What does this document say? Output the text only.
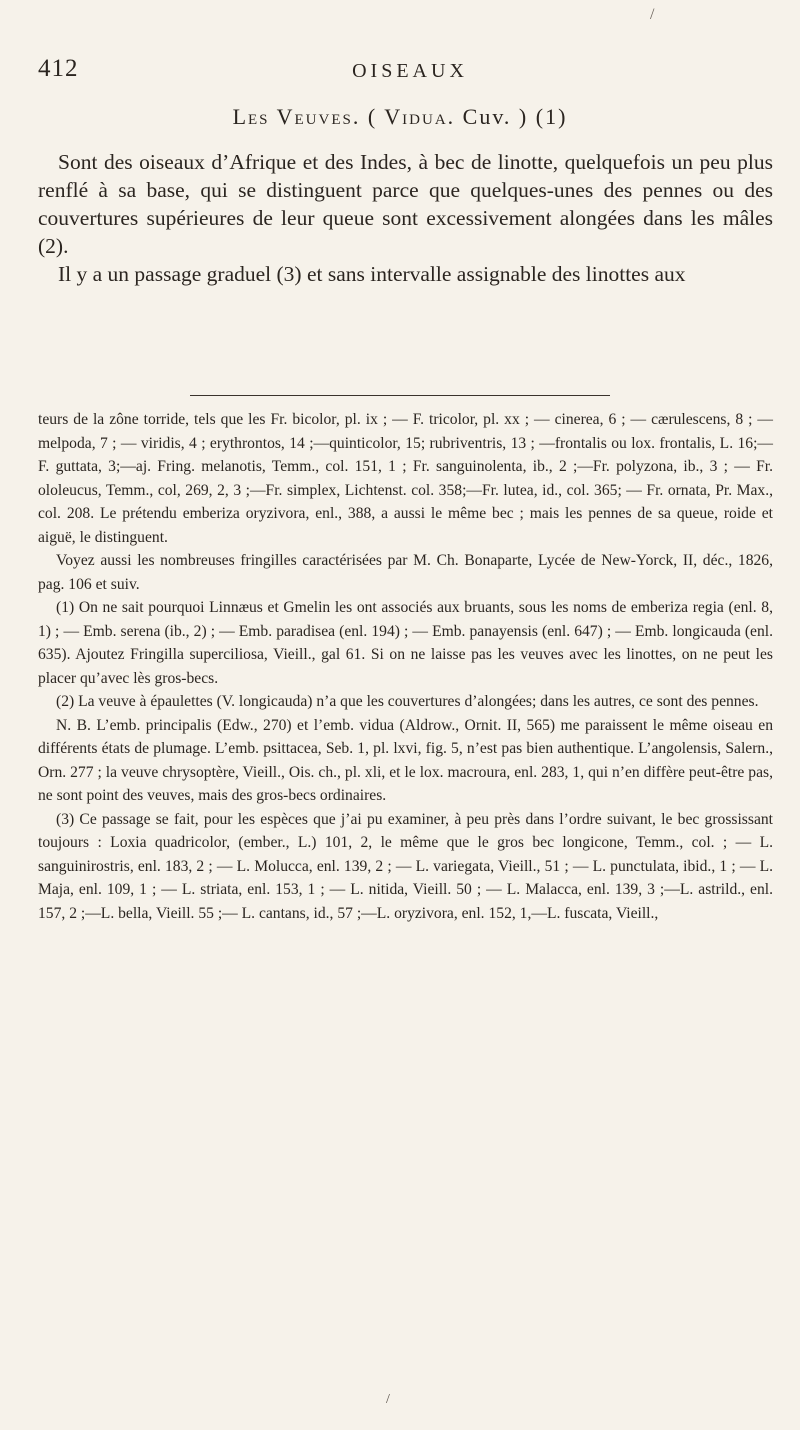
/
412	OISEAUX
Les Veuves. ( Vidua. Cuv. ) (1)

Sont des oiseaux d’Afrique et des Indes, à bec de linotte, quelquefois un peu plus renflé à sa base, qui se distinguent parce que quelques-unes des pennes ou des couvertures supérieures de leur queue sont excessivement alongées dans les mâles (2).

Il y a un passage graduel (3) et sans intervalle assignable des linottes aux

teurs de la zône torride, tels que les Fr. bicolor, pl. ix ; — F. tricolor, pl. xx ; — cinerea, 6 ; — cærulescens, 8 ; — melpoda, 7 ; — viridis, 4 ; erythrontos, 14 ;—quinticolor, 15; rubriventris, 13 ; —frontalis ou lox. frontalis, L. 16;—F. guttata, 3;—aj. Fring. melanotis, Temm., col. 151, 1 ; Fr. sanguinolenta, ib., 2 ;—Fr. polyzona, ib., 3 ; — Fr. ololeucus, Temm., col, 269, 2, 3 ;—Fr. simplex, Lichtenst. col. 358;—Fr. lutea, id., col. 365; — Fr. ornata, Pr. Max., col. 208. Le prétendu emberiza oryzivora, enl., 388, a aussi le même bec ; mais les pennes de sa queue, roide et aiguë, le distinguent.

Voyez aussi les nombreuses fringilles caractérisées par M. Ch. Bonaparte, Lycée de New-Yorck, II, déc., 1826, pag. 106 et suiv.

(1) On ne sait pourquoi Linnæus et Gmelin les ont associés aux bruants, sous les noms de emberiza regia (enl. 8, 1) ; — Emb. serena (ib., 2) ; — Emb. paradisea (enl. 194) ; — Emb. panayensis (enl. 647) ; — Emb. longicauda (enl. 635). Ajoutez Fringilla superciliosa, Vieill., gal 61. Si on ne laisse pas les veuves avec les linottes, on ne peut les placer qu’avec lès gros-becs.

(2) La veuve à épaulettes (V. longicauda) n’a que les couvertures d’alongées; dans les autres, ce sont des pennes.

N. B. L’emb. principalis (Edw., 270) et l’emb. vidua (Aldrow., Ornit. II, 565) me paraissent le même oiseau en différents états de plumage. L’emb. psittacea, Seb. 1, pl. lxvi, fig. 5, n’est pas bien authentique. L’angolensis, Salern., Orn. 277 ; la veuve chrysoptère, Vieill., Ois. ch., pl. xli, et le lox. macroura, enl. 283, 1, qui n’en diffère peut-être pas, ne sont point des veuves, mais des gros-becs ordinaires.

(3) Ce passage se fait, pour les espèces que j’ai pu examiner, à peu près dans l’ordre suivant, le bec grossissant toujours : Loxia quadricolor, (ember., L.) 101, 2, le même que le gros bec longicone, Temm., col. ; — L. sanguinirostris, enl. 183, 2 ; — L. Molucca, enl. 139, 2 ; — L. variegata, Vieill., 51 ; — L. punctulata, ibid., 1 ; — L. Maja, enl. 109, 1 ; — L. striata, enl. 153, 1 ; — L. nitida, Vieill. 50 ; — L. Malacca, enl. 139, 3 ;—L. astrild., enl. 157, 2 ;—L. bella, Vieill. 55 ;— L. cantans, id., 57 ;—L. oryzivora, enl. 152, 1,—L. fuscata, Vieill.,

/
